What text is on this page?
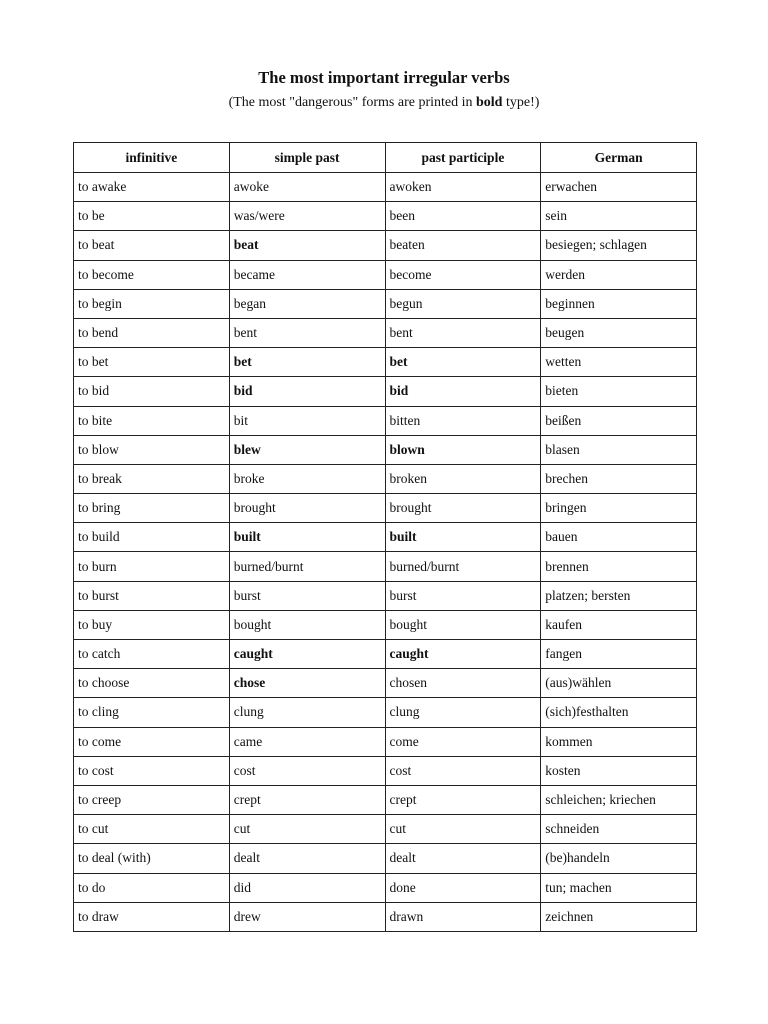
The most important irregular verbs
(The most "dangerous" forms are printed in bold type!)
infinitive	simple past	past participle	German
to awake	awoke	awoken	erwachen
to be	was/were	been	sein
to beat	beat	beaten	besiegen; schlagen
to become	became	become	werden
to begin	began	begun	beginnen
to bend	bent	bent	beugen
to bet	bet	bet	wetten
to bid	bid	bid	bieten
to bite	bit	bitten	beißen
to blow	blew	blown	blasen
to break	broke	broken	brechen
to bring	brought	brought	bringen
to build	built	built	bauen
to burn	burned/burnt	burned/burnt	brennen
to burst	burst	burst	platzen; bersten
to buy	bought	bought	kaufen
to catch	caught	caught	fangen
to choose	chose	chosen	(aus)wählen
to cling	clung	clung	(sich)festhalten
to come	came	come	kommen
to cost	cost	cost	kosten
to creep	crept	crept	schleichen; kriechen
to cut	cut	cut	schneiden
to deal (with)	dealt	dealt	(be)handeln
to do	did	done	tun; machen
to draw	drew	drawn	zeichnen
